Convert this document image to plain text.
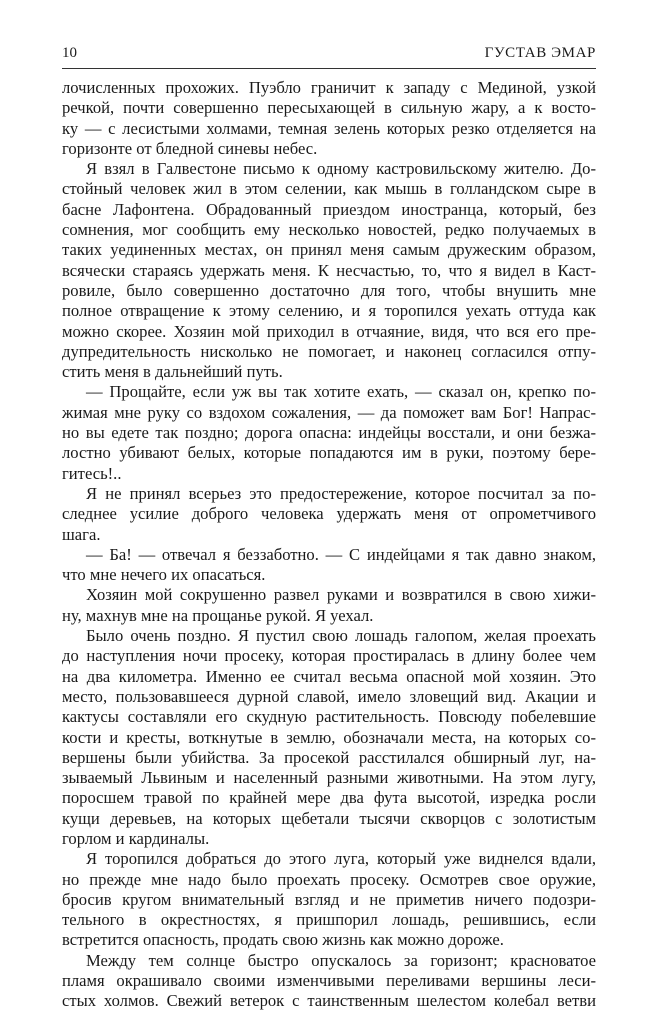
10	ГУСТАВ ЭМАР
лочисленных прохожих. Пуэбло граничит к западу с Мединой, узкой
речкой, почти совершенно пересыхающей в сильную жару, а к восто-
ку — с лесистыми холмами, темная зелень которых резко отделяется на
горизонте от бледной синевы небес.
Я взял в Галвестоне письмо к одному кастровильскому жителю. До-
стойный человек жил в этом селении, как мышь в голландском сыре в
басне Лафонтена. Обрадованный приездом иностранца, который, без
сомнения, мог сообщить ему несколько новостей, редко получаемых в
таких уединенных местах, он принял меня самым дружеским образом,
всячески стараясь удержать меня. К несчастью, то, что я видел в Каст-
ровиле, было совершенно достаточно для того, чтобы внушить мне
полное отвращение к этому селению, и я торопился уехать оттуда как
можно скорее. Хозяин мой приходил в отчаяние, видя, что вся его пре-
дупредительность нисколько не помогает, и наконец согласился отпу-
стить меня в дальнейший путь.
— Прощайте, если уж вы так хотите ехать, — сказал он, крепко по-
жимая мне руку со вздохом сожаления, — да поможет вам Бог! Напрас-
но вы едете так поздно; дорога опасна: индейцы восстали, и они безжа-
лостно убивают белых, которые попадаются им в руки, поэтому бере-
гитесь!..
Я не принял всерьез это предостережение, которое посчитал за по-
следнее усилие доброго человека удержать меня от опрометчивого
шага.
— Ба! — отвечал я беззаботно. — С индейцами я так давно знаком,
что мне нечего их опасаться.
Хозяин мой сокрушенно развел руками и возвратился в свою хижи-
ну, махнув мне на прощанье рукой. Я уехал.
Было очень поздно. Я пустил свою лошадь галопом, желая проехать
до наступления ночи просеку, которая простиралась в длину более чем
на два километра. Именно ее считал весьма опасной мой хозяин. Это
место, пользовавшееся дурной славой, имело зловещий вид. Акации и
кактусы составляли его скудную растительность. Повсюду побелевшие
кости и кресты, воткнутые в землю, обозначали места, на которых со-
вершены были убийства. За просекой расстилался обширный луг, на-
зываемый Львиным и населенный разными животными. На этом лугу,
поросшем травой по крайней мере два фута высотой, изредка росли
кущи деревьев, на которых щебетали тысячи скворцов с золотистым
горлом и кардиналы.
Я торопился добраться до этого луга, который уже виднелся вдали,
но прежде мне надо было проехать просеку. Осмотрев свое оружие,
бросив кругом внимательный взгляд и не приметив ничего подозри-
тельного в окрестностях, я пришпорил лошадь, решившись, если
встретится опасность, продать свою жизнь как можно дороже.
Между тем солнце быстро опускалось за горизонт; красноватое
пламя окрашивало своими изменчивыми переливами вершины леси-
стых холмов. Свежий ветерок с таинственным шелестом колебал ветви
